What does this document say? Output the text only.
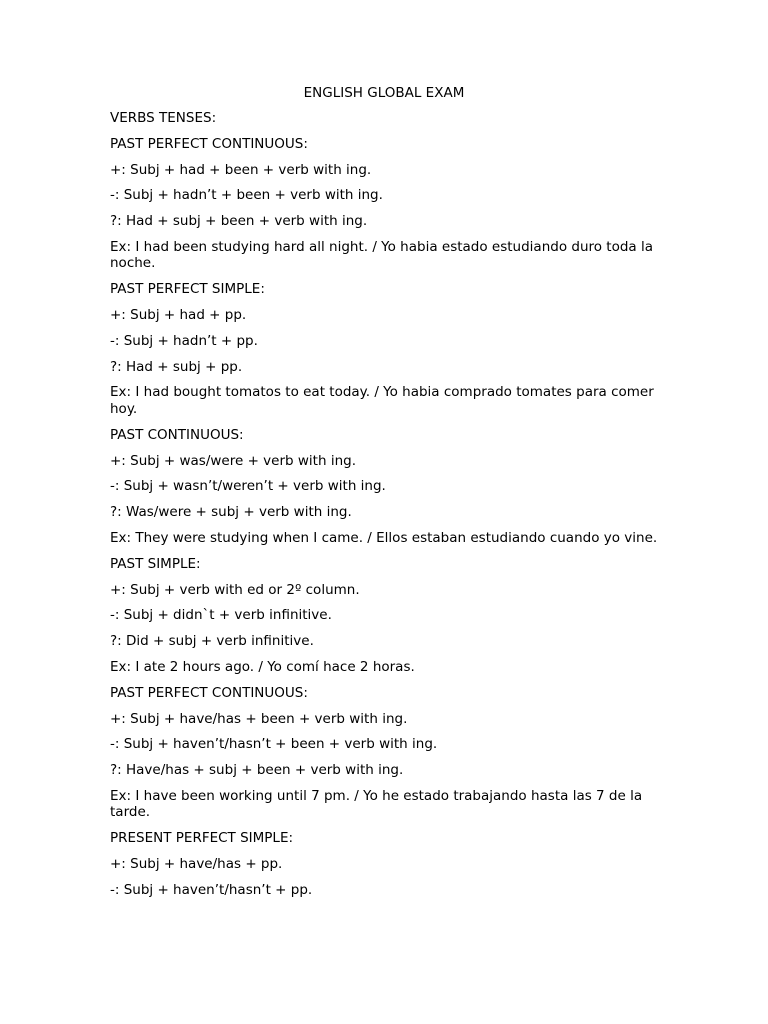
ENGLISH GLOBAL EXAM

VERBS TENSES:

PAST PERFECT CONTINUOUS:

+: Subj + had + been + verb with ing.

-: Subj + hadn’t + been + verb with ing.

?: Had + subj + been + verb with ing.

Ex: I had been studying hard all night. / Yo habia estado estudiando duro toda la noche.

PAST PERFECT SIMPLE:

+: Subj + had + pp.

-: Subj + hadn’t + pp.

?: Had + subj + pp.

Ex: I had bought tomatos to eat today. / Yo habia comprado tomates para comer hoy.

PAST CONTINUOUS:

+: Subj + was/were + verb with ing.

-: Subj + wasn’t/weren’t + verb with ing.

?: Was/were + subj + verb with ing.

Ex: They were studying when I came. / Ellos estaban estudiando cuando yo vine.

PAST SIMPLE:

+: Subj + verb with ed or 2º column.

-: Subj + didn`t + verb infinitive.

?: Did + subj + verb infinitive.

Ex: I ate 2 hours ago. / Yo comí hace 2 horas.

PAST PERFECT CONTINUOUS:

+: Subj + have/has + been + verb with ing.

-: Subj + haven’t/hasn’t + been + verb with ing.

?: Have/has + subj + been + verb with ing.

Ex: I have been working until 7 pm. / Yo he estado trabajando hasta las 7 de la tarde.

PRESENT PERFECT SIMPLE:

+: Subj + have/has + pp.

-: Subj + haven’t/hasn’t + pp.
